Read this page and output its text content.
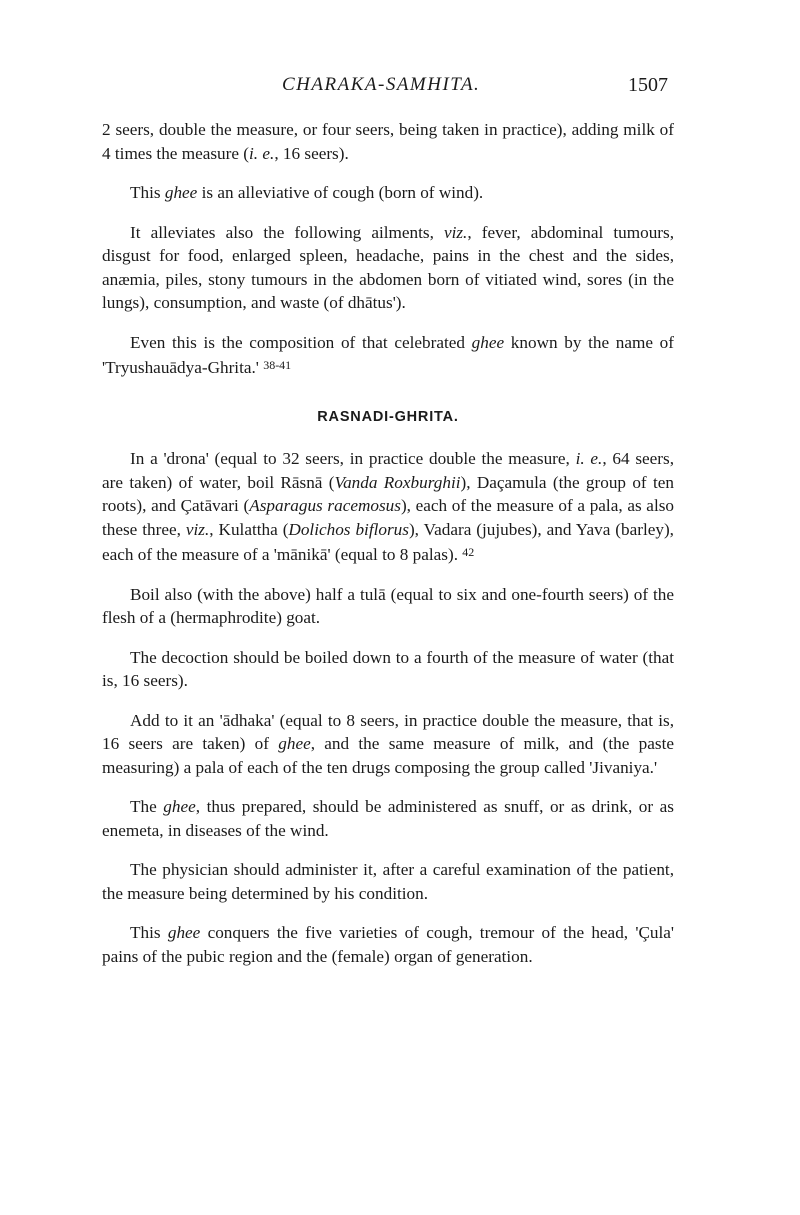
CHARAKA-SAMHITA.	1507

2 seers, double the measure, or four seers, being taken in practice), adding milk of 4 times the measure (i. e., 16 seers).

This ghee is an alleviative of cough (born of wind).

It alleviates also the following ailments, viz., fever, abdominal tumours, disgust for food, enlarged spleen, headache, pains in the chest and the sides, anæmia, piles, stony tumours in the abdomen born of vitiated wind, sores (in the lungs), consumption, and waste (of dhātus').

Even this is the composition of that celebrated ghee known by the name of 'Tryushauādya-Ghrita.' $^{38-41}$

RASNADI-GHRITA.

In a 'drona' (equal to 32 seers, in practice double the measure, i. e., 64 seers, are taken) of water, boil Rāsnā (Vanda Roxburghii), Daçamula (the group of ten roots), and Çatāvari (Asparagus racemosus), each of the measure of a pala, as also these three, viz., Kulattha (Dolichos biflorus), Vadara (jujubes), and Yava (barley), each of the measure of a 'mānikā' (equal to 8 palas). $^{42}$

Boil also (with the above) half a tulā (equal to six and one-fourth seers) of the flesh of a (hermaphrodite) goat.

The decoction should be boiled down to a fourth of the measure of water (that is, 16 seers).

Add to it an 'ādhaka' (equal to 8 seers, in practice double the measure, that is, 16 seers are taken) of ghee, and the same measure of milk, and (the paste measuring) a pala of each of the ten drugs composing the group called 'Jivaniya.'

The ghee, thus prepared, should be administered as snuff, or as drink, or as enemeta, in diseases of the wind.

The physician should administer it, after a careful examination of the patient, the measure being determined by his condition.

This ghee conquers the five varieties of cough, tremour of the head, 'Çula' pains of the pubic region and the (female) organ of generation.
